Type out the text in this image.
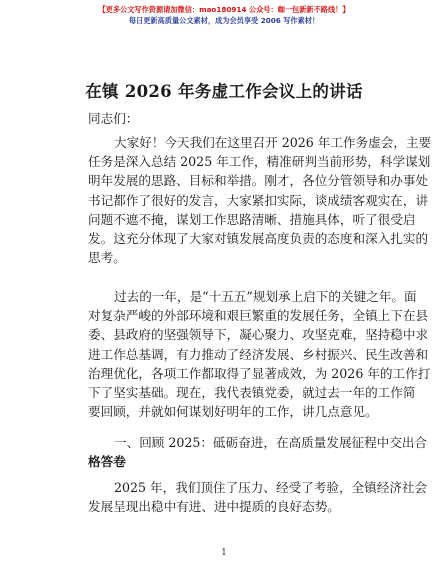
【更多公文写作资源请加微信：mao180914 公众号：咖一包新新不路线！】
每日更新高质量公文素材，成为会员享受 2006 写作素材！
在镇 2026 年务虚工作会议上的讲话
同志们：
大家好！今天我们在这里召开 2026 年工作务虚会，主要
任务是深入总结 2025 年工作，精准研判当前形势，科学谋划
明年发展的思路、目标和举措。刚才，各位分管领导和办事处
书记都作了很好的发言，大家紧扣实际，谈成绩客观实在，讲
问题不遮不掩，谋划工作思路清晰、措施具体，听了很受启
发。这充分体现了大家对镇发展高度负责的态度和深入扎实的
思考。
过去的一年，是“十五五”规划承上启下的关键之年。面
对复杂严峻的外部环境和艰巨繁重的发展任务，全镇上下在县
委、县政府的坚强领导下，凝心聚力、攻坚克难，坚持稳中求
进工作总基调，有力推动了经济发展、乡村振兴、民生改善和
治理优化，各项工作都取得了显著成效，为 2026 年的工作打
下了坚实基础。现在，我代表镇党委，就过去一年的工作简
要回顾，并就如何谋划好明年的工作，讲几点意见。
一、回顾 2025：砥砺奋进，在高质量发展征程中交出合
格答卷
2025 年，我们顶住了压力、经受了考验，全镇经济社会
发展呈现出稳中有进、进中提质的良好态势。
1
